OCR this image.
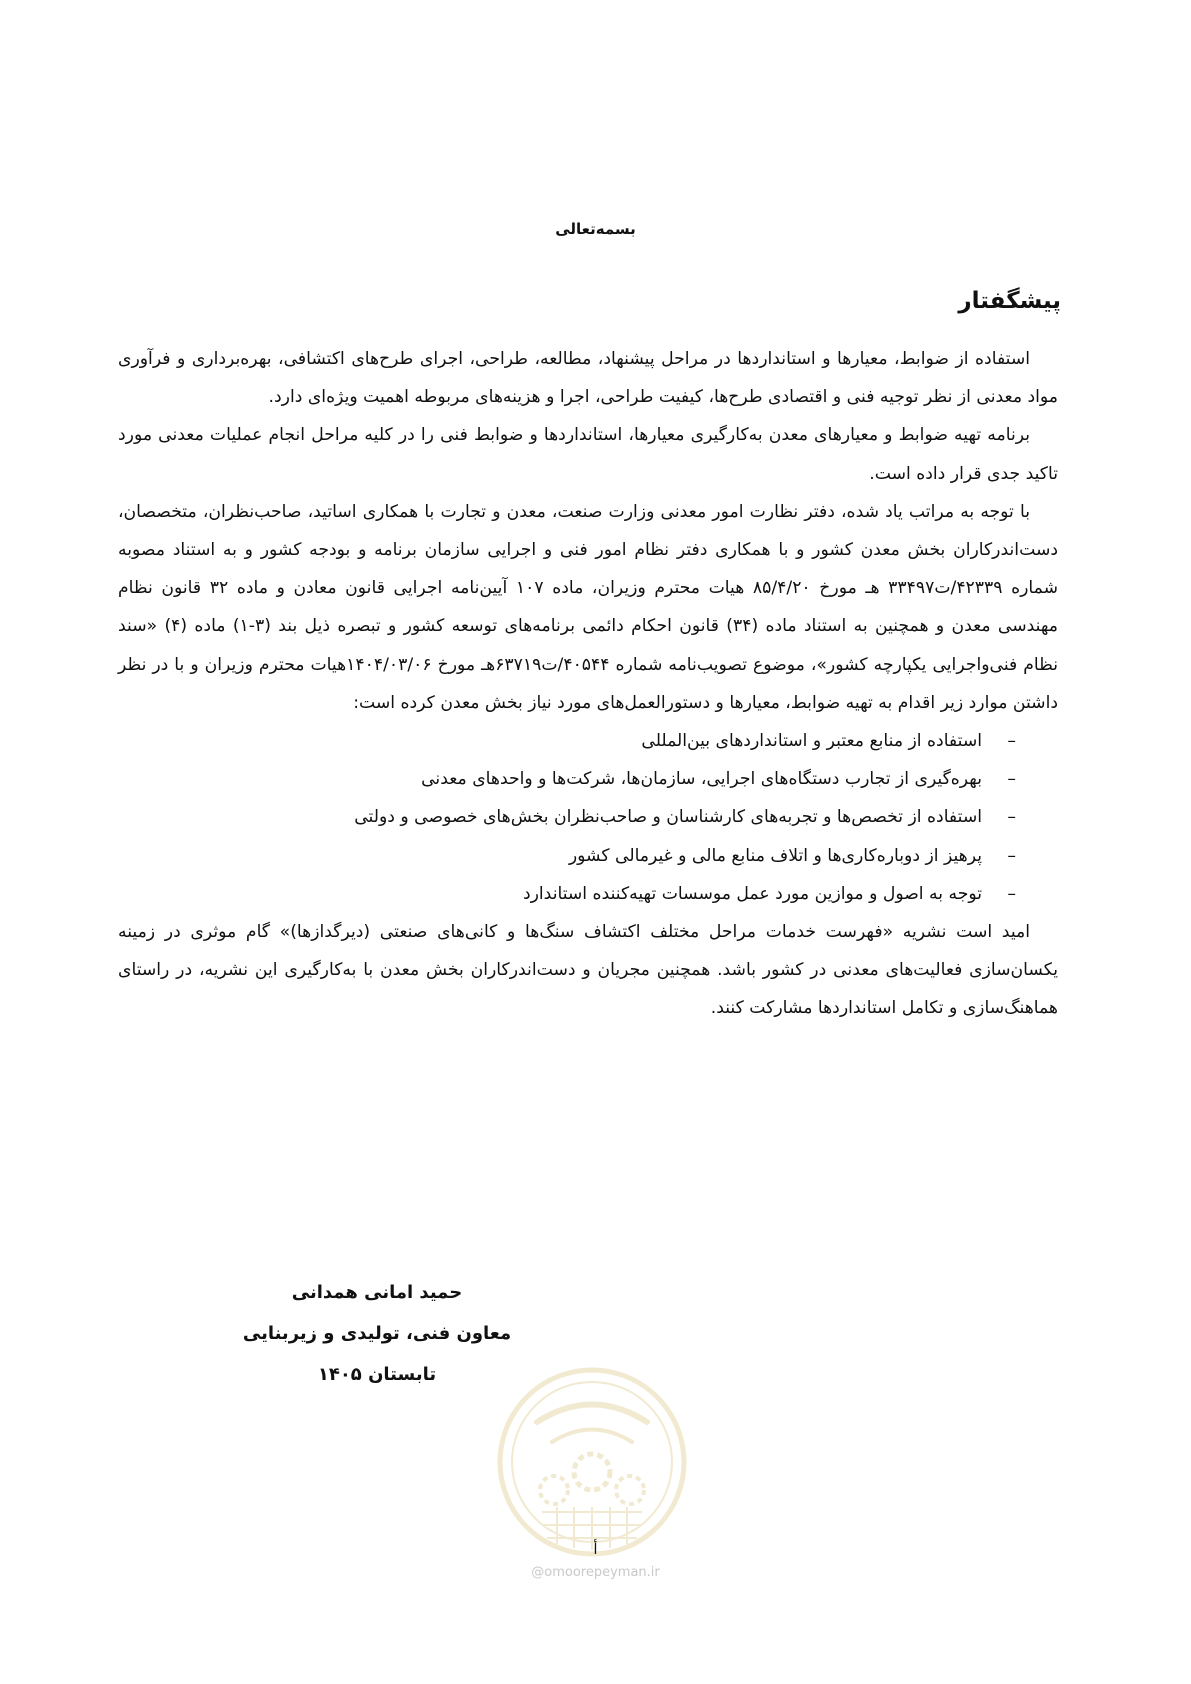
بسمه‌تعالی
پیشگفتار

استفاده از ضوابط، معیارها و استانداردها در مراحل پیشنهاد، مطالعه، طراحی، اجرای طرح‌های اکتشافی، بهره‌برداری و فرآوری مواد معدنی از نظر توجیه فنی و اقتصادی طرح‌ها، کیفیت طراحی، اجرا و هزینه‌های مربوطه اهمیت ویژه‌ای دارد.

برنامه تهیه ضوابط و معیارهای معدن به‌کارگیری معیارها، استانداردها و ضوابط فنی را در کلیه مراحل انجام عملیات معدنی مورد تاکید جدی قرار داده است.

با توجه به مراتب یاد شده، دفتر نظارت امور معدنی وزارت صنعت، معدن و تجارت با همکاری اساتید، صاحب‌نظران، متخصصان، دست‌اندرکاران بخش معدن کشور و با همکاری دفتر نظام امور فنی و اجرایی سازمان برنامه و بودجه کشور و به استناد مصوبه شماره ۴۲۳۳۹/ت۳۳۴۹۷ هـ مورخ ۸۵/۴/۲۰ هیات محترم وزیران، ماده ۱۰۷ آیین‌نامه اجرایی قانون معادن و ماده ۳۲ قانون نظام مهندسی معدن و همچنین به استناد ماده (۳۴) قانون احکام دائمی برنامه‌های توسعه کشور و تبصره ذیل بند (۳-۱) ماده (۴) «سند نظام فنی‌واجرایی یکپارچه کشور»، موضوع تصویب‌نامه شماره ۴۰۵۴۴/ت۶۳۷۱۹هـ مورخ ۱۴۰۴/۰۳/۰۶هیات محترم وزیران و با در نظر داشتن موارد زیر اقدام به تهیه ضوابط، معیارها و دستورالعمل‌های مورد نیاز بخش معدن کرده است:

–استفاده از منابع معتبر و استانداردهای بین‌المللی
–بهره‌گیری از تجارب دستگاه‌های اجرایی، سازمان‌ها، شرکت‌ها و واحدهای معدنی
–استفاده از تخصص‌ها و تجربه‌های کارشناسان و صاحب‌نظران بخش‌های خصوصی و دولتی
–پرهیز از دوباره‌کاری‌ها و اتلاف منابع مالی و غیرمالی کشور
–توجه به اصول و موازین مورد عمل موسسات تهیه‌کننده استاندارد

امید است نشریه «فهرست خدمات مراحل مختلف اکتشاف سنگ‌ها و کانی‌های صنعتی (دیرگدازها)» گام موثری در زمینه یکسان‌سازی فعالیت‌های معدنی در کشور باشد. همچنین مجریان و دست‌اندرکاران بخش معدن با به‌کارگیری این نشریه، در راستای هماهنگ‌سازی و تکامل استانداردها مشارکت کنند.

حمید امانی همدانی
معاون فنی، تولیدی و زیربنایی
تابستان ۱۴۰۵
أ
@omoorepeyman.ir
